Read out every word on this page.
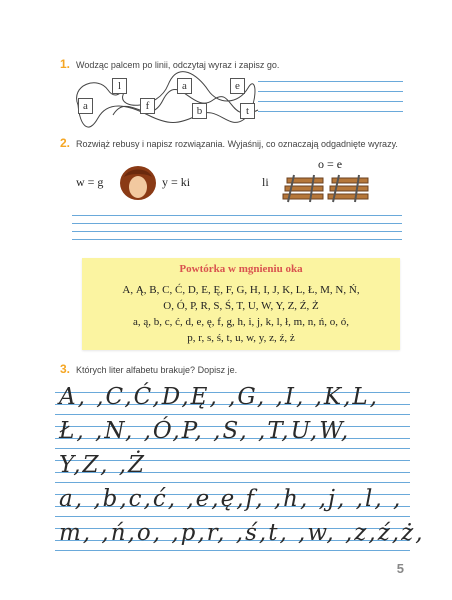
1. Wodząc palcem po linii, odczytaj wyraz i zapisz go.
l	a	e
a	f	b	t
2. Rozwiąż rebusy i napisz rozwiązania. Wyjaśnij, co oznaczają odgadnięte wyrazy.
w = g	y = ki
o = e
li
Powtórka w mgnieniu oka
A, Ą, B, C, Ć, D, E, Ę, F, G, H, I, J, K, L, Ł, M, N, Ń,
O, Ó, P, R, S, Ś, T, U, W, Y, Z, Ź, Ż
a, ą, b, c, ć, d, e, ę, f, g, h, i, j, k, l, ł, m, n, ń, o, ó,
p, r, s, ś, t, u, w, y, z, ź, ż
3. Których liter alfabetu brakuje? Dopisz je.
A, ,C,Ć,D,Ę, ,G, ,I, ,K,L,
Ł, ,N, ,Ó,P, ,S, ,T,U,W,
Y,Z, ,Ż
a, ,b,c,ć, ,e,ę,f, ,h, ,j, ,l, ,
m, ,ń,o, ,p,r, ,ś,t, ,w, ,z,ź,ż,
5
